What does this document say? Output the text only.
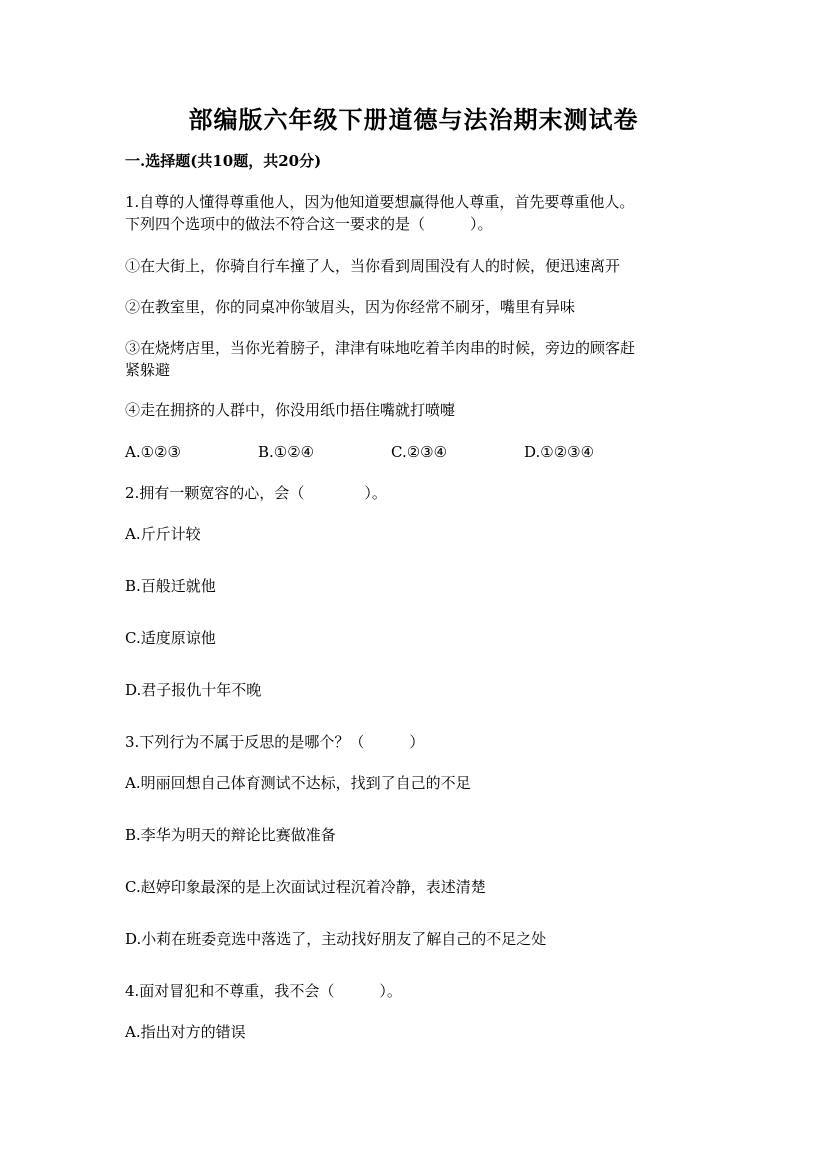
部编版六年级下册道德与法治期末测试卷
一.选择题(共10题，共20分)
1.自尊的人懂得尊重他人，因为他知道要想赢得他人尊重，首先要尊重他人。
下列四个选项中的做法不符合这一要求的是（　　　）。
①在大街上，你骑自行车撞了人，当你看到周围没有人的时候，便迅速离开
②在教室里，你的同桌冲你皱眉头，因为你经常不刷牙，嘴里有异味
③在烧烤店里，当你光着膀子，津津有味地吃着羊肉串的时候，旁边的顾客赶
紧躲避
④走在拥挤的人群中，你没用纸巾捂住嘴就打喷嚏
A.①②③	B.①②④	C.②③④	D.①②③④
2.拥有一颗宽容的心，会（　　　　）。
A.斤斤计较
B.百般迁就他
C.适度原谅他
D.君子报仇十年不晚
3.下列行为不属于反思的是哪个？（　　　）
A.明丽回想自己体育测试不达标，找到了自己的不足
B.李华为明天的辩论比赛做准备
C.赵婷印象最深的是上次面试过程沉着冷静，表述清楚
D.小莉在班委竞选中落选了，主动找好朋友了解自己的不足之处
4.面对冒犯和不尊重，我不会（　　　）。
A.指出对方的错误
